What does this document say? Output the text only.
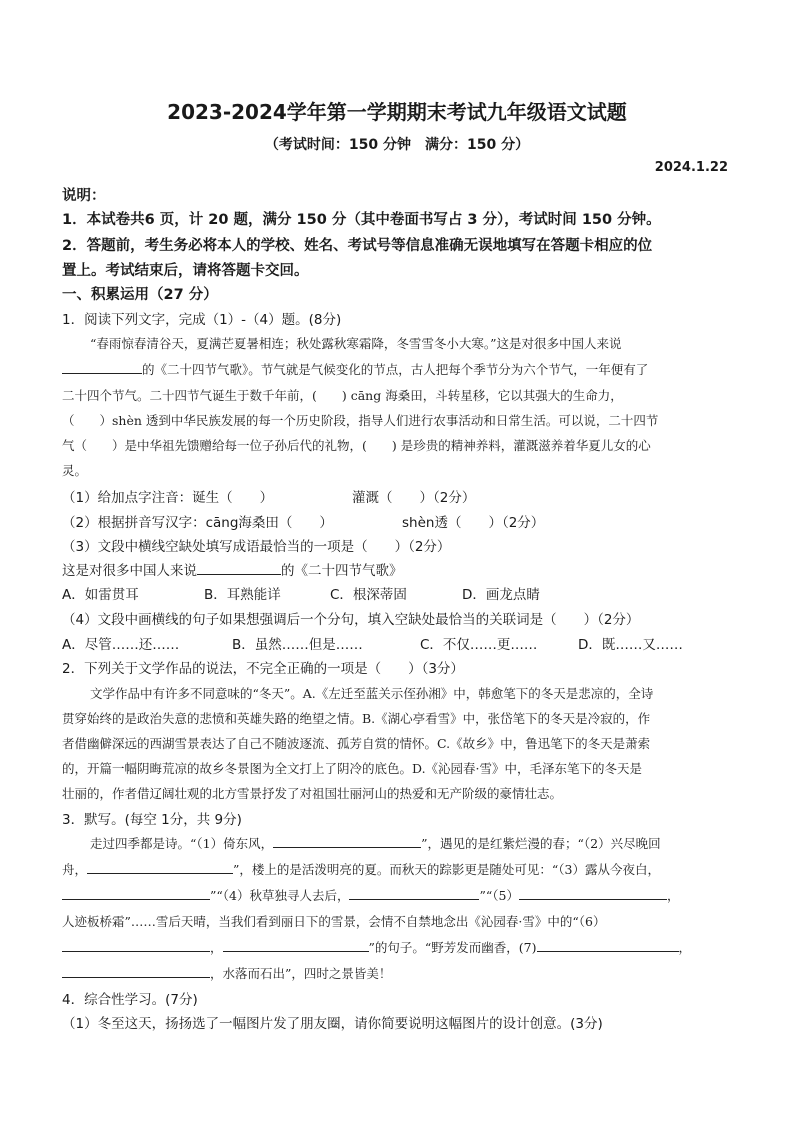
2023-2024学年第一学期期末考试九年级语文试题
（考试时间：150 分钟　满分：150 分）
2024.1.22
说明：
1．本试卷共6 页，计 20 题，满分 150 分（其中卷面书写占 3 分），考试时间 150 分钟。
2．答题前，考生务必将本人的学校、姓名、考试号等信息准确无误地填写在答题卡相应的位
置上。考试结束后，请将答题卡交回。
一、积累运用（27 分）
1．阅读下列文字，完成（1）-（4）题。(8分)
“春雨惊春清谷天，夏满芒夏暑相连；秋处露秋寒霜降，冬雪雪冬小大寒。”这是对很多中国人来说
的《二十四节气歌》。节气就是气候变化的节点，古人把每个季节分为六个节气，一年便有了
二十四个节气。二十四节气诞生于数千年前，(　　) cāng 海桑田，斗转星移，它以其强大的生命力，
（　　）shèn 透到中华民族发展的每一个历史阶段，指导人们进行农事活动和日常生活。可以说，二十四节
气（　　）是中华祖先馈赠给每一位子孙后代的礼物，(　　) 是珍贵的精神养料，灌溉滋养着华夏儿女的心
灵。
（1）给加点字注音：诞生（　　）	灌溉（　　）（2分）
（2）根据拼音写汉字：cāng海桑田（　　）	shèn透（　　）（2分）
（3）文段中横线空缺处填写成语最恰当的一项是（　　）（2分）
这是对很多中国人来说	的《二十四节气歌》
A．如雷贯耳	B．耳熟能详	C．根深蒂固	D．画龙点睛
（4）文段中画横线的句子如果想强调后一个分句，填入空缺处最恰当的关联词是（　　）（2分）
A．尽管……还……	B．虽然……但是……	C．不仅……更……	D．既……又……
2．下列关于文学作品的说法，不完全正确的一项是（　　）（3分）
文学作品中有许多不同意味的“冬天”。A.《左迁至蓝关示侄孙湘》中，韩愈笔下的冬天是悲凉的，全诗
贯穿始终的是政治失意的悲愤和英雄失路的绝望之情。B.《湖心亭看雪》中，张岱笔下的冬天是冷寂的，作
者借幽僻深远的西湖雪景表达了自己不随波逐流、孤芳自赏的情怀。C.《故乡》中，鲁迅笔下的冬天是萧索
的，开篇一幅阴晦荒凉的故乡冬景图为全文打上了阴冷的底色。D.《沁园春·雪》中，毛泽东笔下的冬天是
壮丽的，作者借辽阔壮观的北方雪景抒发了对祖国壮丽河山的热爱和无产阶级的豪情壮志。
3．默写。(每空 1分，共 9分)
走过四季都是诗。“（1）倚东风，	”，遇见的是红紫烂漫的春；“（2）兴尽晚回
舟，	”，楼上的是活泼明亮的夏。而秋天的踪影更是随处可见：“（3）露从今夜白，
”“（4）秋草独寻人去后，	”“（5）	，
人迹板桥霜”……雪后天晴，当我们看到丽日下的雪景，会情不自禁地念出《沁园春·雪》中的“（6）
，	”的句子。“野芳发而幽香，(7)	，
，水落而石出”，四时之景皆美！
4．综合性学习。(7分)
（1）冬至这天，扬扬选了一幅图片发了朋友圈，请你简要说明这幅图片的设计创意。(3分)
